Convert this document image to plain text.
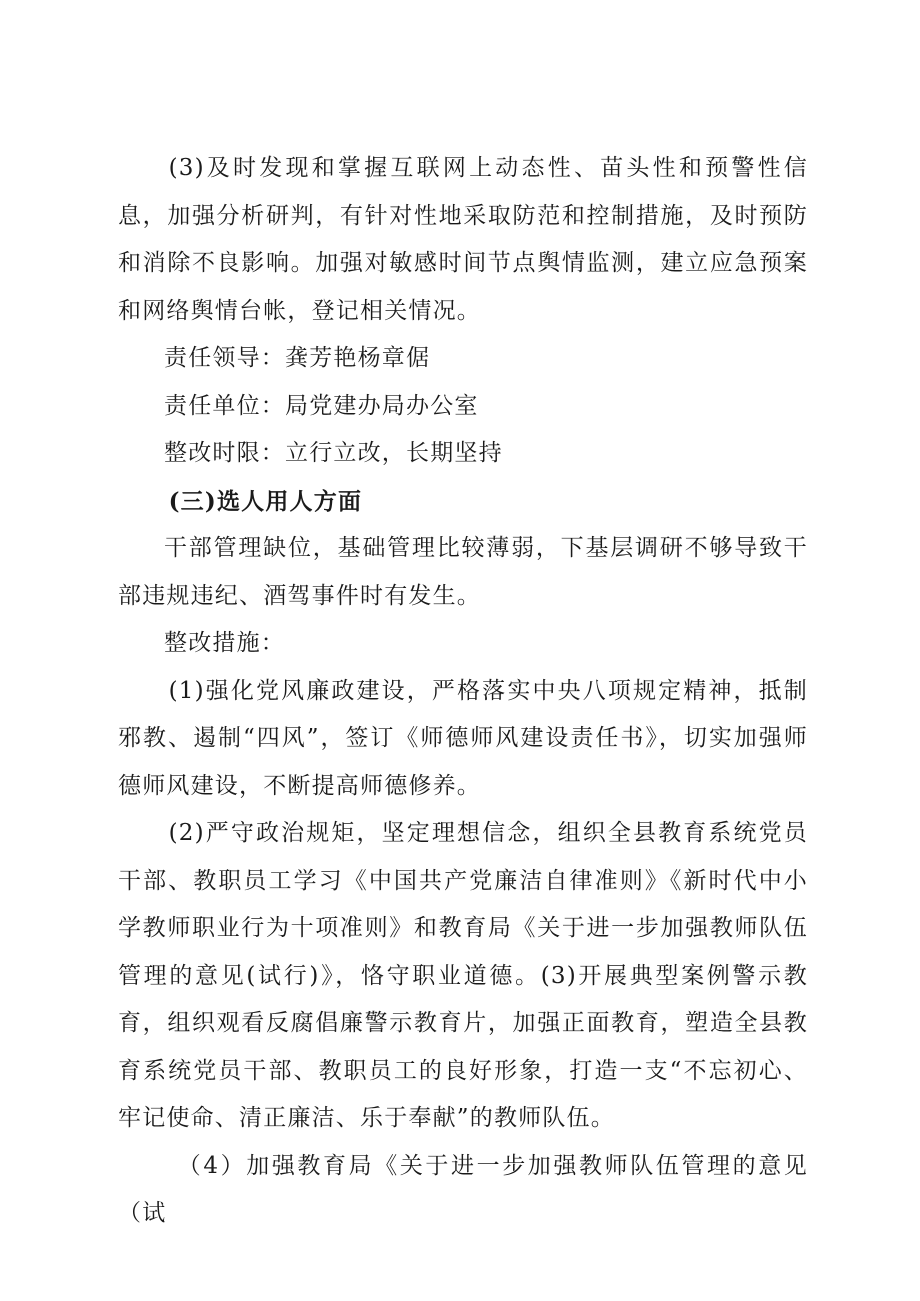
(3)及时发现和掌握互联网上动态性、苗头性和预警性信息，加强分析研判，有针对性地采取防范和控制措施，及时预防和消除不良影响。加强对敏感时间节点舆情监测，建立应急预案和网络舆情台帐，登记相关情况。

责任领导：龚芳艳杨章倨

责任单位：局党建办局办公室

整改时限：立行立改，长期坚持

(三)选人用人方面

干部管理缺位，基础管理比较薄弱，下基层调研不够导致干部违规违纪、酒驾事件时有发生。

整改措施：

(1)强化党风廉政建设，严格落实中央八项规定精神，抵制邪教、遏制“四风”，签订《师德师风建设责任书》，切实加强师德师风建设，不断提高师德修养。

(2)严守政治规矩，坚定理想信念，组织全县教育系统党员干部、教职员工学习《中国共产党廉洁自律准则》《新时代中小学教师职业行为十项准则》和教育局《关于进一步加强教师队伍管理的意见(试行)》，恪守职业道德。(3)开展典型案例警示教育，组织观看反腐倡廉警示教育片，加强正面教育，塑造全县教育系统党员干部、教职员工的良好形象，打造一支“不忘初心、牢记使命、清正廉洁、乐于奉献”的教师队伍。

（4）加强教育局《关于进一步加强教师队伍管理的意见（试
